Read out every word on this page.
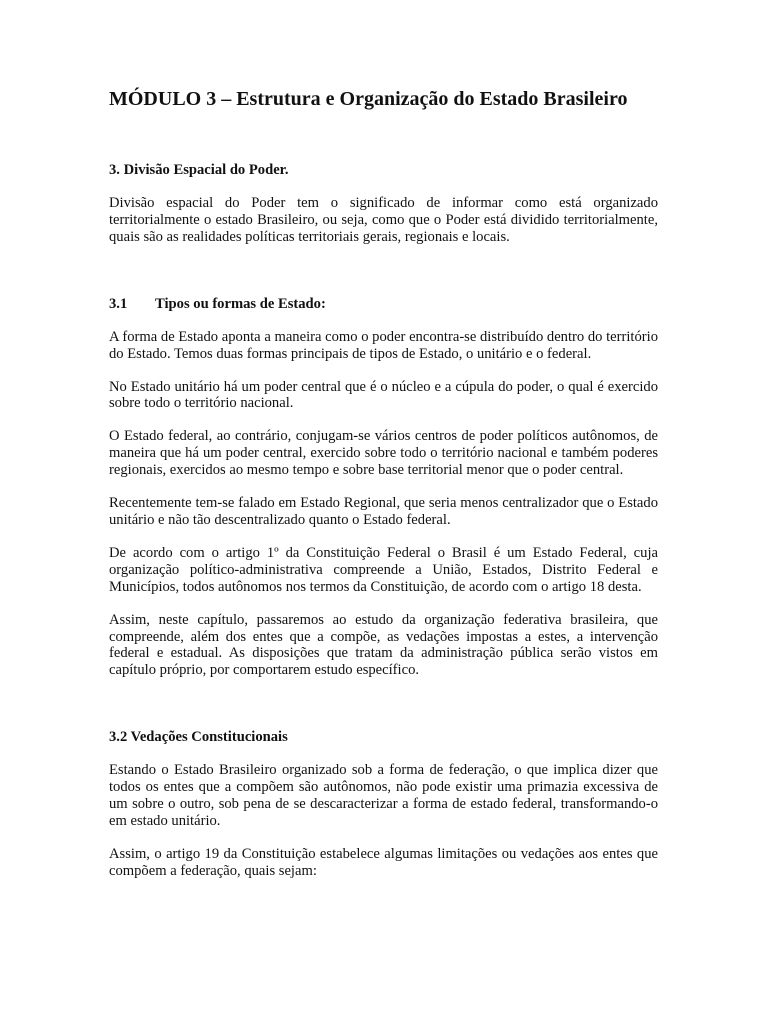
MÓDULO 3 – Estrutura e Organização do Estado Brasileiro
3. Divisão Espacial do Poder.

Divisão espacial do Poder tem o significado de informar como está organizado territorialmente o estado Brasileiro, ou seja, como que o Poder está dividido territorialmente, quais são as realidades políticas territoriais gerais, regionais e locais.

3.1	Tipos ou formas de Estado:

A forma de Estado aponta a maneira como o poder encontra-se distribuído dentro do território do Estado. Temos duas formas principais de tipos de Estado, o unitário e o federal.

No Estado unitário há um poder central que é o núcleo e a cúpula do poder, o qual é exercido sobre todo o território nacional.

O Estado federal, ao contrário, conjugam-se vários centros de poder políticos autônomos, de maneira que há um poder central, exercido sobre todo o território nacional e também poderes regionais, exercidos ao mesmo tempo e sobre base territorial menor que o poder central.

Recentemente tem-se falado em Estado Regional, que seria menos centralizador que o Estado unitário e não tão descentralizado quanto o Estado federal.

De acordo com o artigo 1º da Constituição Federal o Brasil é um Estado Federal, cuja organização político-administrativa compreende a União, Estados, Distrito Federal e Municípios, todos autônomos nos termos da Constituição, de acordo com o artigo 18 desta.

Assim, neste capítulo, passaremos ao estudo da organização federativa brasileira, que compreende, além dos entes que a compõe, as vedações impostas a estes, a intervenção federal e estadual. As disposições que tratam da administração pública serão vistos em capítulo próprio, por comportarem estudo específico.

3.2 Vedações Constitucionais

Estando o Estado Brasileiro organizado sob a forma de federação, o que implica dizer que todos os entes que a compõem são autônomos, não pode existir uma primazia excessiva de um sobre o outro, sob pena de se descaracterizar a forma de estado federal, transformando-o em estado unitário.

Assim, o artigo 19 da Constituição estabelece algumas limitações ou vedações aos entes que compõem a federação, quais sejam:
